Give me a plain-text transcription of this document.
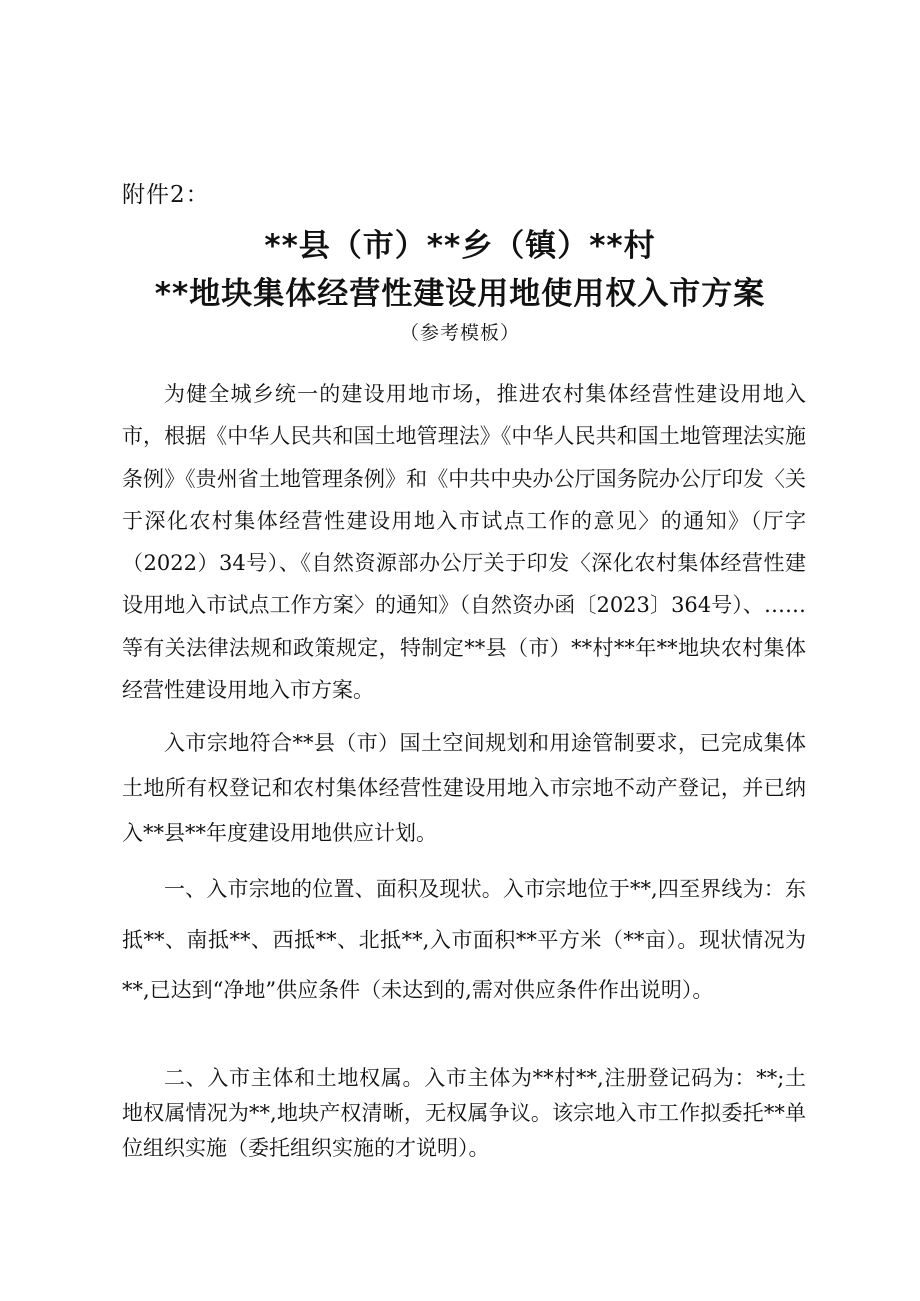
附件2：
**县（市）**乡（镇）**村
**地块集体经营性建设用地使用权入市方案
（参考模板）

为健全城乡统一的建设用地市场，推进农村集体经营性建设用地入市，根据《中华人民共和国土地管理法》《中华人民共和国土地管理法实施条例》《贵州省土地管理条例》和《中共中央办公厅国务院办公厅印发〈关于深化农村集体经营性建设用地入市试点工作的意见〉的通知》（厅字（2022）34号）、《自然资源部办公厅关于印发〈深化农村集体经营性建设用地入市试点工作方案〉的通知》（自然资办函〔2023〕364号）、……等有关法律法规和政策规定，特制定**县（市）**村**年**地块农村集体经营性建设用地入市方案。

入市宗地符合**县（市）国土空间规划和用途管制要求，已完成集体土地所有权登记和农村集体经营性建设用地入市宗地不动产登记，并已纳入**县**年度建设用地供应计划。

一、入市宗地的位置、面积及现状。入市宗地位于**,四至界线为：东抵**、南抵**、西抵**、北抵**,入市面积**平方米（**亩）。现状情况为**,已达到“净地”供应条件（未达到的,需对供应条件作出说明）。

二、入市主体和土地权属。入市主体为**村**,注册登记码为：**;土地权属情况为**,地块产权清晰，无权属争议。该宗地入市工作拟委托**单位组织实施（委托组织实施的才说明）。
